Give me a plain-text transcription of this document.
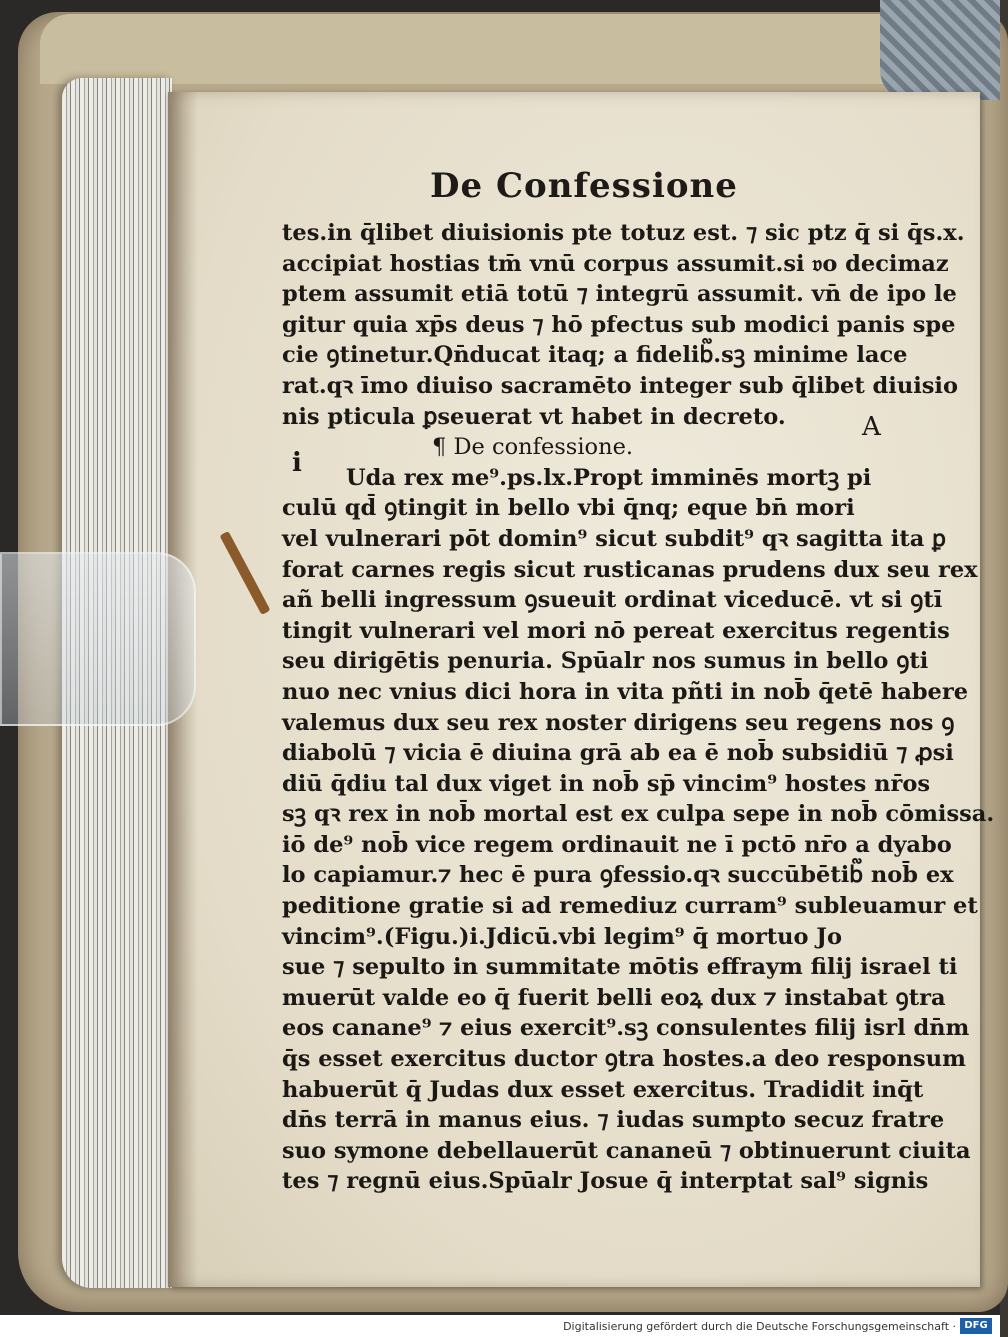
De Confessione
A
i
tes.in q̄libet diuisionis pte totuz est. ⁊ sic ptz q̄ si q̄s.x.
accipiat hostias tm̄ vnū corpus assumit.si 𝔳o decimaz
ptem assumit etiā totū ⁊ integrū assumit. vn̄ de ipo le
gitur quia xp̄s deus ⁊ hō pfectus sub modici panis spe
cie ꝯtinetur.Qn̄ducat itaq; a fidelib᷑.sꝫ minime lace
rat.qꝛ īmo diuiso sacramēto integer sub q̄libet diuisio
nis pticula ꝑseuerat vt habet in decreto.
¶ De confessione.
Uda rex me⁹.ps.lx.Propt imminēs mortꝫ pi
culū qd̄ ꝯtingit in bello vbi q̄nq; eque bn̄ mori
vel vulnerari pōt domin⁹ sicut subdit⁹ qꝛ sagitta ita ꝑ
forat carnes regis sicut rusticanas prudens dux seu rex
añ belli ingressum ꝯsueuit ordinat viceducē. vt si ꝯtī
tingit vulnerari vel mori nō pereat exercitus regentis
seu dirigētis penuria. Spūalr nos sumus in bello ꝯti
nuo nec vnius dici hora in vita pñti in nob̄ q̄etē habere
valemus dux seu rex noster dirigens seu regens nos ꝯ
diabolū ⁊ vicia ē diuina grā ab ea ē nob̄ subsidiū ⁊ ꝓsi
diū q̄diu tal dux viget in nob̄ sp̄ vincim⁹ hostes nr̄os
sꝫ qꝛ rex in nob̄ mortal est ex culpa sepe in nob̄ cōmissa.
iō de⁹ nob̄ vice regem ordinauit ne ī pctō nr̄o a dyabo
lo capiamur.⁊ hec ē pura ꝯfessio.qꝛ succūbētib᷑ nob̄ ex
peditione gratie si ad remediuz curram⁹ subleuamur et
vincim⁹.(Figu.)i.Jdicū.vbi legim⁹ q̄ mortuo Jo
sue ⁊ sepulto in summitate mōtis effraym filij israel ti
muerūt valde eo q̄ fuerit belli eoꝝ dux ⁊ instabat ꝯtra
eos canane⁹ ⁊ eius exercit⁹.sꝫ consulentes filij isrl dn̄m
q̄s esset exercitus ductor ꝯtra hostes.a deo responsum
habuerūt q̄ Judas dux esset exercitus. Tradidit inq̄t
dn̄s terrā in manus eius. ⁊ iudas sumpto secuz fratre
suo symone debellauerūt cananeū ⁊ obtinuerunt ciuita
tes ⁊ regnū eius.Spūalr Josue q̄ interptat sal⁹ signis
Digitalisierung gefördert durch die Deutsche Forschungsgemeinschaft · DFG
